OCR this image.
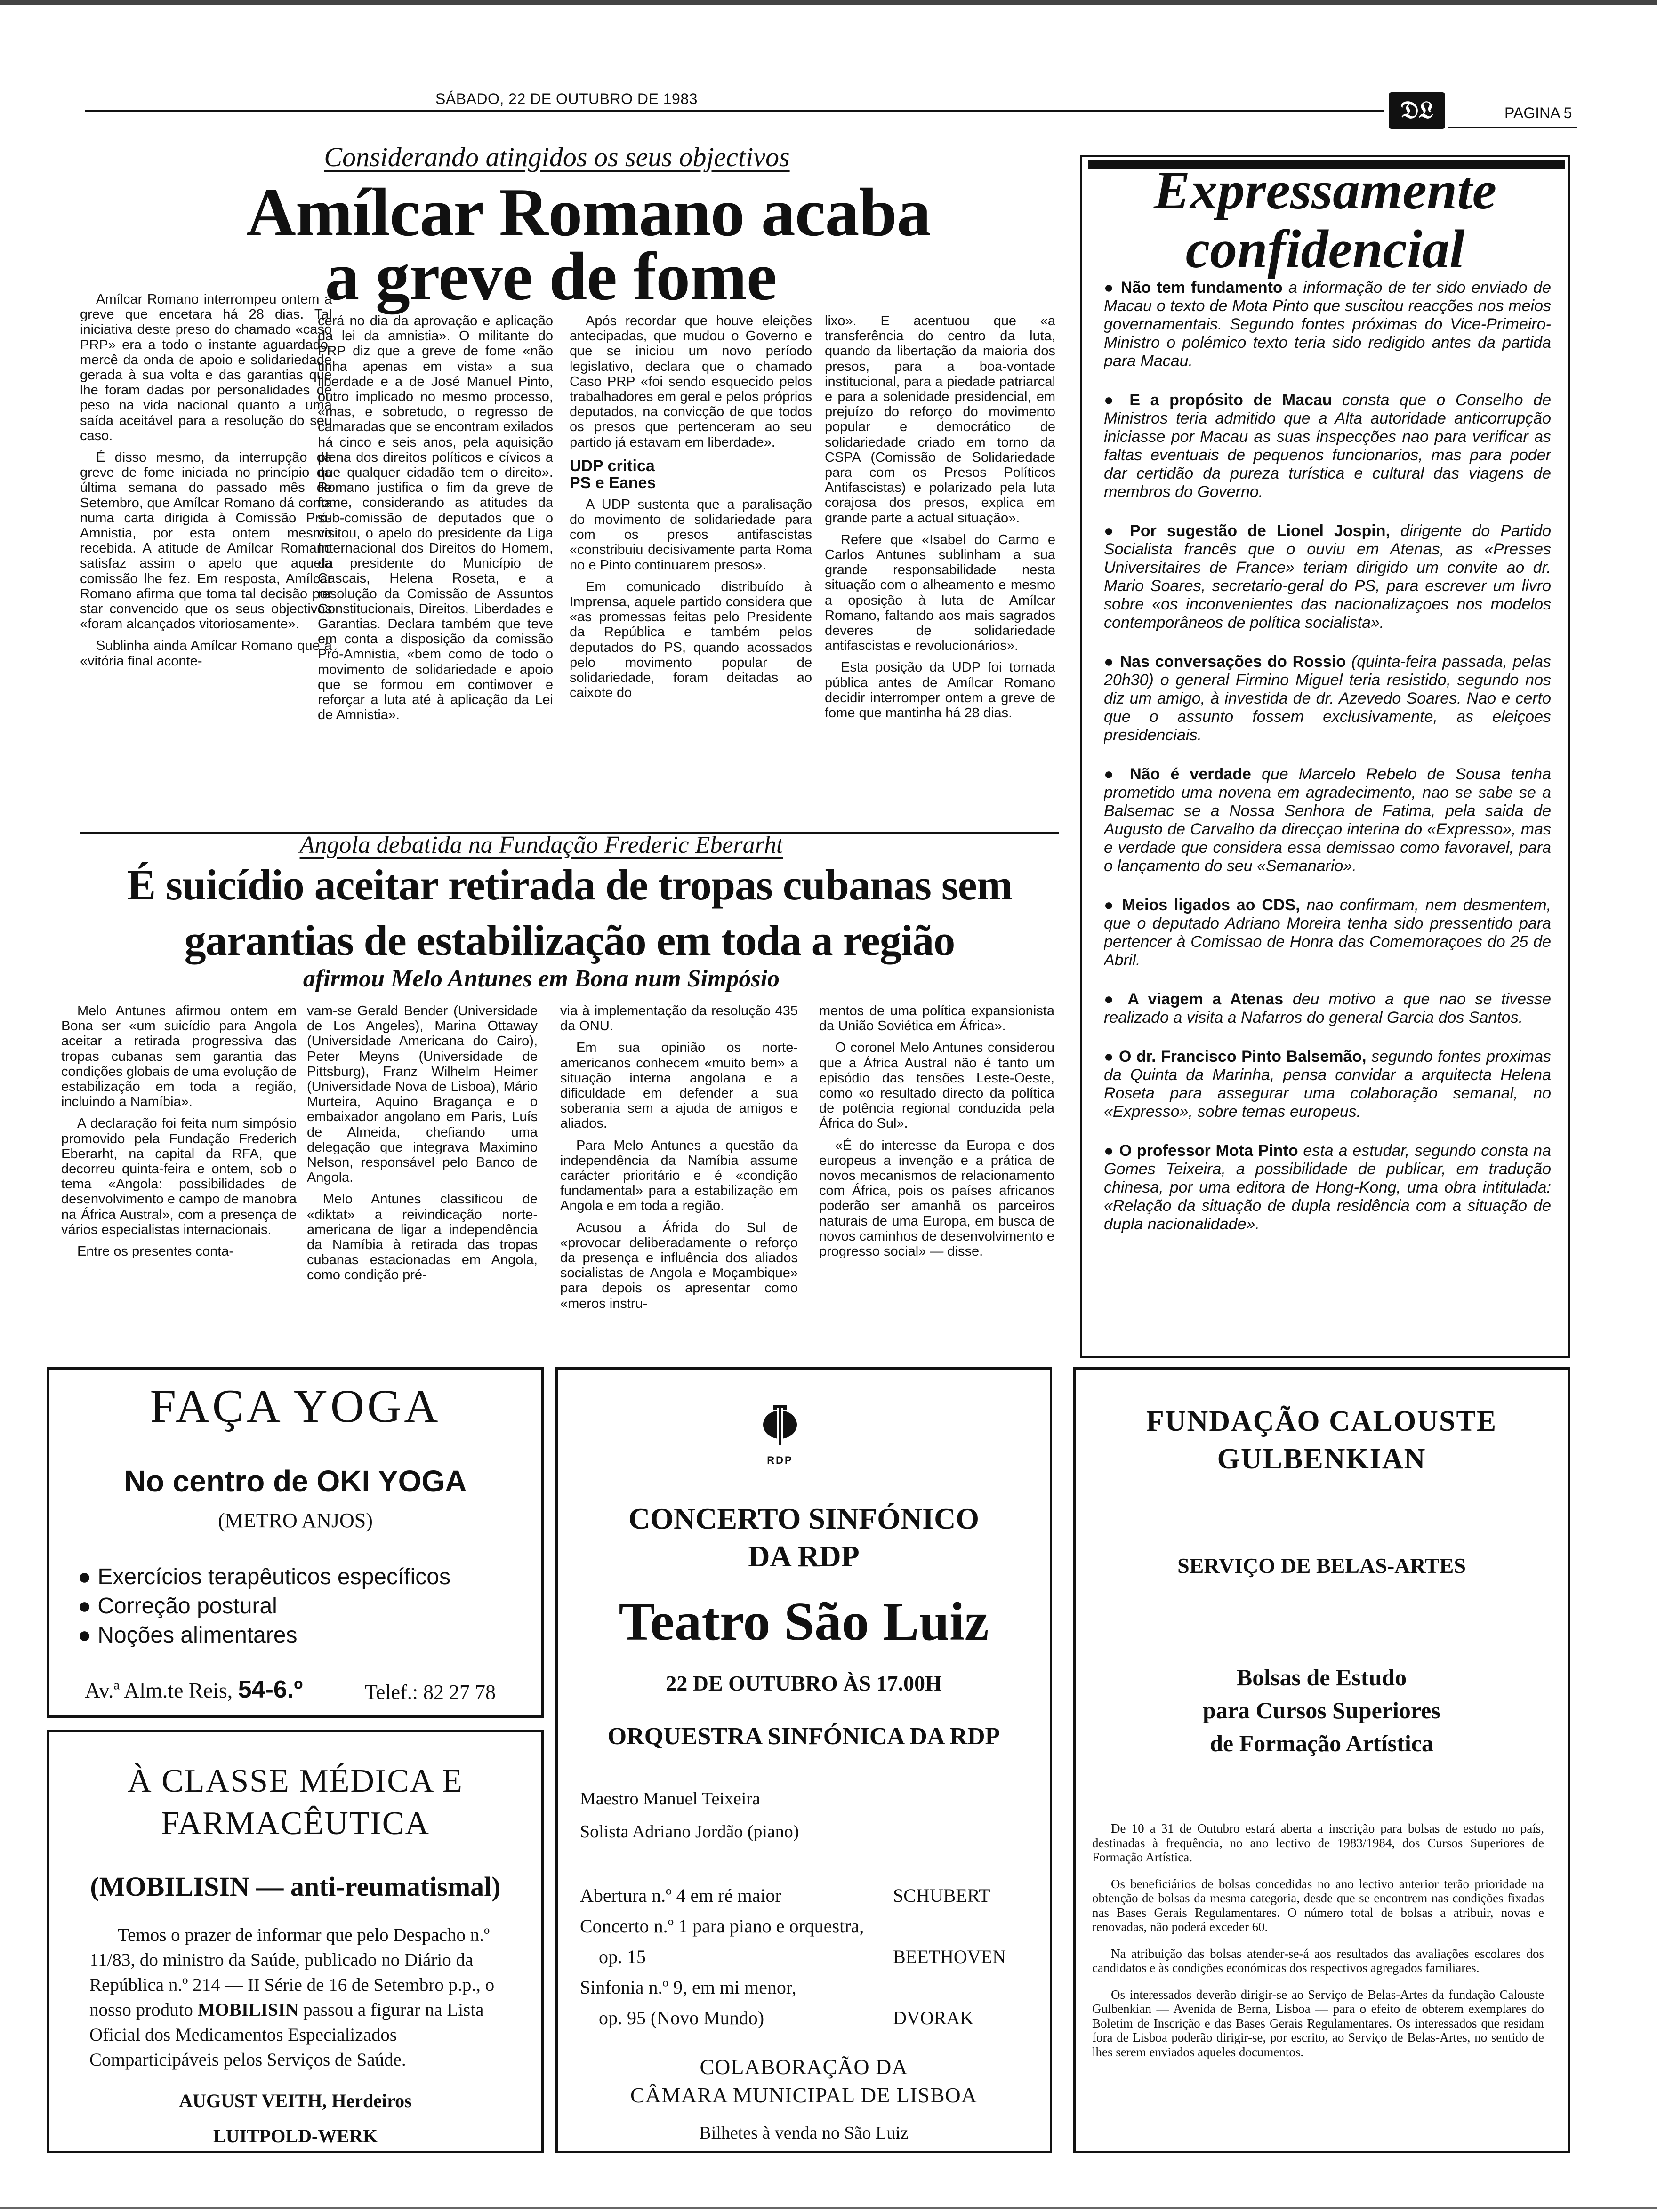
SÁBADO, 22 DE OUTUBRO DE 1983	𝔇𝔏	PAGINA 5
Considerando atingidos os seus objectivos
Amílcar Romano acaba
a greve de fome

Amílcar Romano interrompeu ontem a greve que encetara há 28 dias. Tal iniciativa deste preso do chamado «caso PRP» era a todo o instante aguardado, mercê da onda de apoio e solidariedade gerada à sua volta e das garantias que lhe foram dadas por personalidades de peso na vida nacional quanto a uma saída aceitável para a resolução do seu caso.

É disso mesmo, da interrupção da greve de fome iniciada no princípio da última semana do passado mês de Setembro, que Amílcar Romano dá conta numa carta dirigida à Comissão Pró-Amnistia, por esta ontem mesmo recebida. A atitude de Amílcar Romano satisfaz assim o apelo que aquela comissão lhe fez. Em resposta, Amílcar Romano afirma que toma tal decisão por star convencido que os seus objectivos «foram alcançados vitoriosamente».

Sublinha ainda Amílcar Romano que a «vitória final aconte-

cerá no dia da aprovação e aplicação da lei da amnistia». O militante do PRP diz que a greve de fome «não tinha apenas em vista» a sua liberdade e a de José Manuel Pinto, outro implicado no mesmo processo, «mas, e sobretudo, o regresso de camaradas que se encontram exilados há cinco e seis anos, pela aquisição plena dos direitos políticos e cívicos a que qualquer cidadão tem o direito». Romano justifica o fim da greve de fome, considerando as atitudes da sub-comissão de deputados que o visitou, o apelo do presidente da Liga Internacional dos Direitos do Homem, da presidente do Município de Cascais, Helena Roseta, e a resolução da Comissão de Assuntos Constitucionais, Direitos, Liberdades e Garantias. Declara também que teve em conta a disposição da comissão Pró-Amnistia, «bem como de todo o movimento de solidariedade e apoio que se formou em contiмоver e reforçar a luta até à aplicação da Lei de Amnistia».

Após recordar que houve eleições antecipadas, que mudou o Governo e que se iniciou um novo período legislativo, declara que o chamado Caso PRP «foi sendo esquecido pelos trabalhadores em geral e pelos próprios deputados, na convicção de que todos os presos que pertenceram ao seu partido já estavam em liberdade».

UDP critica
PS e Eanes

A UDP sustenta que a paralisação do movimento de solidariedade para com os presos antifascistas «constribuiu decisivamente parta Roma no e Pinto continuarem presos».

Em comunicado distribuído à Imprensa, aquele partido considera que «as promessas feitas pelo Presidente da República e também pelos deputados do PS, quando acossados pelo movimento popular de solidariedade, foram deitadas ao caixote do

lixo». E acentuou que «a transferência do centro da luta, quando da libertação da maioria dos presos, para a boa-vontade institucional, para a piedade patriarcal e para a solenidade presidencial, em prejuízo do reforço do movimento popular e democrático de solidariedade criado em torno da CSPA (Comissão de Solidariedade para com os Presos Políticos Antifascistas) e polarizado pela luta corajosa dos presos, explica em grande parte a actual situação».

Refere que «Isabel do Carmo e Carlos Antunes sublinham a sua grande responsabilidade nesta situação com o alheamento e mesmo a oposição à luta de Amílcar Romano, faltando aos mais sagrados deveres de solidariedade antifascistas e revolucionários».

Esta posição da UDP foi tornada pública antes de Amílcar Romano decidir interromper ontem a greve de fome que mantinha há 28 dias.

Angola debatida na Fundação Frederic Eberarht
É suicídio aceitar retirada de tropas cubanas sem
garantias de estabilização em toda a região
afirmou Melo Antunes em Bona num Simpósio

Melo Antunes afirmou ontem em Bona ser «um suicídio para Angola aceitar a retirada progressiva das tropas cubanas sem garantia das condições globais de uma evolução de estabilização em toda a região, incluindo a Namíbia».

A declaração foi feita num simpósio promovido pela Fundação Frederich Eberarht, na capital da RFA, que decorreu quinta-feira e ontem, sob o tema «Angola: possibilidades de desenvolvimento e campo de manobra na África Austral», com a presença de vários especialistas internacionais.

Entre os presentes conta-

vam-se Gerald Bender (Universidade de Los Angeles), Marina Ottaway (Universidade Americana do Cairo), Peter Meyns (Universidade de Pittsburg), Franz Wilhelm Heimer (Universidade Nova de Lisboa), Mário Murteira, Aquino Bragança e o embaixador angolano em Paris, Luís de Almeida, chefiando uma delegação que integrava Maximino Nelson, responsável pelo Banco de Angola.

Melo Antunes classificou de «diktat» a reivindicação norte-americana de ligar a independência da Namíbia à retirada das tropas cubanas estacionadas em Angola, como condição pré-

via à implementação da resolução 435 da ONU.

Em sua opinião os norte-americanos conhecem «muito bem» a situação interna angolana e a dificuldade em defender a sua soberania sem a ajuda de amigos e aliados.

Para Melo Antunes a questão da independência da Namíbia assume carácter prioritário e é «condição fundamental» para a estabilização em Angola e em toda a região.

Acusou a Áfrida do Sul de «provocar deliberadamente o reforço da presença e influência dos aliados socialistas de Angola e Moçambique» para depois os apresentar como «meros instru-

mentos de uma política expansionista da União Soviética em África».

O coronel Melo Antunes considerou que a África Austral não é tanto um episódio das tensões Leste-Oeste, como «o resultado directo da política de potência regional conduzida pela África do Sul».

«É do interesse da Europa e dos europeus a invenção e a prática de novos mecanismos de relacionamento com África, pois os países africanos poderão ser amanhã os parceiros naturais de uma Europa, em busca de novos caminhos de desenvolvimento e progresso social» — disse.

Expressamente
confidencial
● Não tem fundamento a informação de ter sido enviado de Macau o texto de Mota Pinto que suscitou reacções nos meios governamentais. Segundo fontes próximas do Vice-Primeiro-Ministro o polémico texto teria sido redigido antes da partida para Macau.
● E a propósito de Macau consta que o Conselho de Ministros teria admitido que a Alta autoridade anticorrupção iniciasse por Macau as suas inspecções nao para verificar as faltas eventuais de pequenos funcionarios, mas para poder dar certidão da pureza turística e cultural das viagens de membros do Governo.
● Por sugestão de Lionel Jospin, dirigente do Partido Socialista francês que o ouviu em Atenas, as «Presses Universitaires de France» teriam dirigido um convite ao dr. Mario Soares, secretario-geral do PS, para escrever um livro sobre «os inconvenientes das nacionalizaçoes nos modelos contemporâneos de política socialista».
● Nas conversações do Rossio (quinta-feira passada, pelas 20h30) o general Firmino Miguel teria resistido, segundo nos diz um amigo, à investida de dr. Azevedo Soares. Nao e certo que o assunto fossem exclusivamente, as eleiçoes presidenciais.
● Não é verdade que Marcelo Rebelo de Sousa tenha prometido uma novena em agradecimento, nao se sabe se a Balsemac se a Nossa Senhora de Fatima, pela saida de Augusto de Carvalho da direcçao interina do «Expresso», mas e verdade que considera essa demissao como favoravel, para o lançamento do seu «Semanario».
● Meios ligados ao CDS, nao confirmam, nem desmentem, que o deputado Adriano Moreira tenha sido pressentido para pertencer à Comissao de Honra das Comemoraçoes do 25 de Abril.
● A viagem a Atenas deu motivo a que nao se tivesse realizado a visita a Nafarros do general Garcia dos Santos.
● O dr. Francisco Pinto Balsemão, segundo fontes proximas da Quinta da Marinha, pensa convidar a arquitecta Helena Roseta para assegurar uma colaboração semanal, no «Expresso», sobre temas europeus.
● O professor Mota Pinto esta a estudar, segundo consta na Gomes Teixeira, a possibilidade de publicar, em tradução chinesa, por uma editora de Hong-Kong, uma obra intitulada: «Relação da situação de dupla residência com a situação de dupla nacionalidade».
FAÇA YOGA
No centro de OKI YOGA
(METRO ANJOS)
● Exercícios terapêuticos específicos
● Correção postural
● Noções alimentares
Av.ª Alm.te Reis, 54-6.º	Telef.: 82 27 78
À CLASSE MÉDICA E
FARMACÊUTICA
(MOBILISIN — anti-reumatismal)
Temos o prazer de informar que pelo Despacho n.º 11/83, do ministro da Saúde, publicado no Diário da República n.º 214 — II Série de 16 de Setembro p.p., o nosso produto MOBILISIN passou a figurar na Lista Oficial dos Medicamentos Especializados Comparticipáveis pelos Serviços de Saúde.
AUGUST VEITH, Herdeiros
LUITPOLD-WERK
RDP
CONCERTO SINFÓNICO
DA RDP
Teatro São Luiz
22 DE OUTUBRO ÀS 17.00H
ORQUESTRA SINFÓNICA DA RDP
Maestro Manuel Teixeira
Solista Adriano Jordão (piano)
Abertura n.º 4 em ré maior	SCHUBERT
Concerto n.º 1 para piano e orquestra,
op. 15	BEETHOVEN
Sinfonia n.º 9, em mi menor,
op. 95 (Novo Mundo)	DVORAK
COLABORAÇÃO DA
CÂMARA MUNICIPAL DE LISBOA
Bilhetes à venda no São Luiz
FUNDAÇÃO CALOUSTE
GULBENKIAN
SERVIÇO DE BELAS-ARTES
Bolsas de Estudo
para Cursos Superiores
de Formação Artística

De 10 a 31 de Outubro estará aberta a inscrição para bolsas de estudo no país, destinadas à frequência, no ano lectivo de 1983/1984, dos Cursos Superiores de Formação Artística.

Os beneficiários de bolsas concedidas no ano lectivo anterior terão prioridade na obtenção de bolsas da mesma categoria, desde que se encontrem nas condições fixadas nas Bases Gerais Regulamentares. O número total de bolsas a atribuir, novas e renovadas, não poderá exceder 60.

Na atribuição das bolsas atender-se-á aos resultados das avaliações escolares dos candidatos e às condições económicas dos respectivos agregados familiares.

Os interessados deverão dirigir-se ao Serviço de Belas-Artes da fundação Calouste Gulbenkian — Avenida de Berna, Lisboa — para o efeito de obterem exemplares do Boletim de Inscrição e das Bases Gerais Regulamentares. Os interessados que residam fora de Lisboa poderão dirigir-se, por escrito, ao Serviço de Belas-Artes, no sentido de lhes serem enviados aqueles documentos.
